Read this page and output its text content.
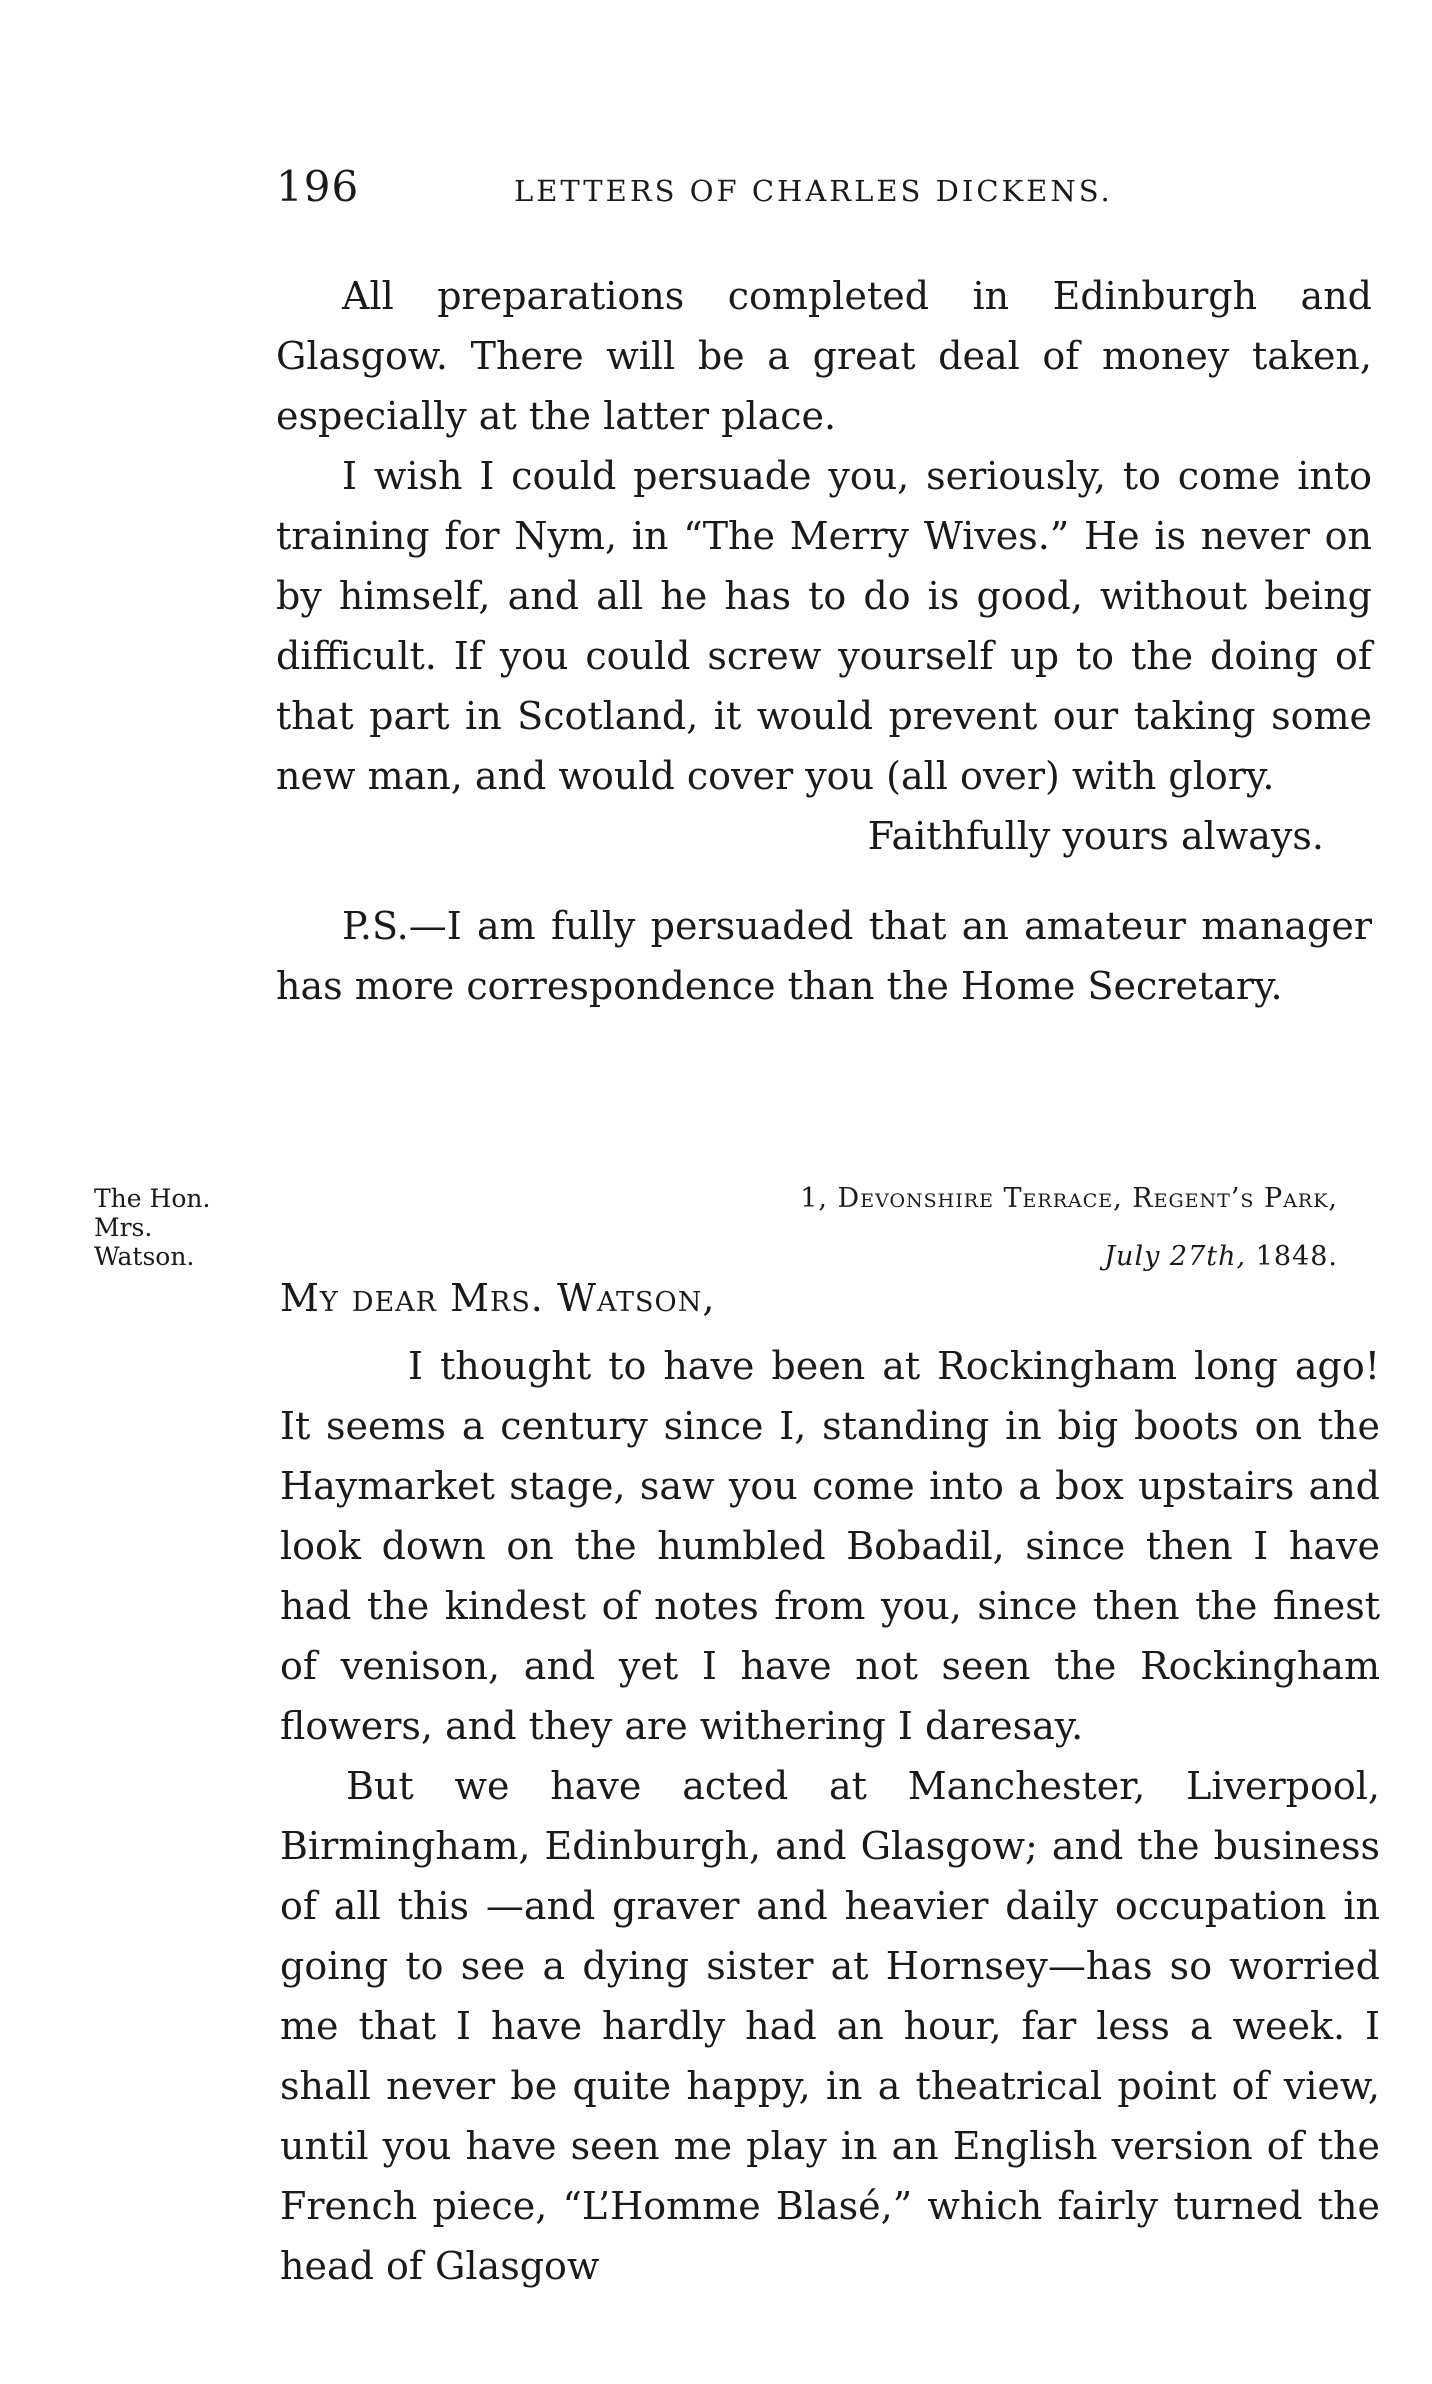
196	LETTERS OF CHARLES DICKENS.

All preparations completed in Edinburgh and Glasgow. There will be a great deal of money taken, especially at the latter place.

I wish I could persuade you, seriously, to come into training for Nym, in “The Merry Wives.” He is never on by himself, and all he has to do is good, without being difficult. If you could screw yourself up to the doing of that part in Scotland, it would prevent our taking some new man, and would cover you (all over) with glory.

Faithfully yours always.

P.S.—I am fully persuaded that an amateur manager has more correspondence than the Home Secretary.

The Hon.
Mrs.
Watson.
1, Devonshire Terrace, Regent’s Park,
July 27th, 1848.
My dear Mrs. Watson,

I thought to have been at Rockingham long ago! It seems a century since I, standing in big boots on the Haymarket stage, saw you come into a box upstairs and look down on the humbled Bobadil, since then I have had the kindest of notes from you, since then the finest of venison, and yet I have not seen the Rockingham flowers, and they are withering I daresay.

But we have acted at Manchester, Liverpool, Birmingham, Edinburgh, and Glasgow; and the business of all this —and graver and heavier daily occupation in going to see a dying sister at Hornsey—has so worried me that I have hardly had an hour, far less a week. I shall never be quite happy, in a theatrical point of view, until you have seen me play in an English version of the French piece, “L’Homme Blasé,” which fairly turned the head of Glasgow
